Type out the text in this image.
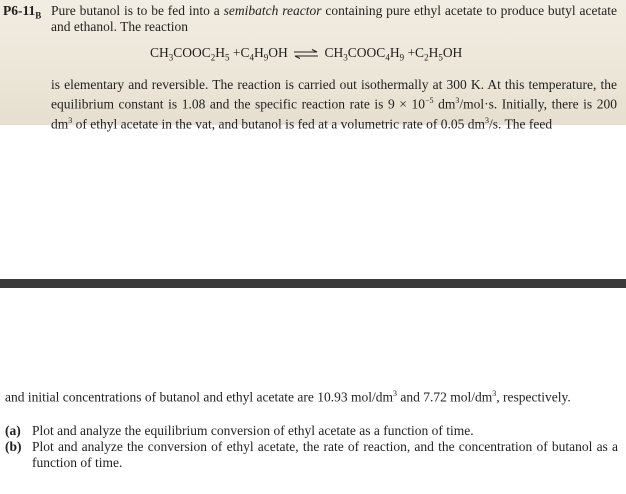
$P6-11_B$ Pure butanol is to be fed into a semibatch reactor containing pure ethyl acetate to produce butyl acetate and ethanol. The reaction
$CH_3COOC_2H_5 +C_4H_9OH$ ⇌ $CH_3COOC_4H_9 +C_2H_5OH$
is elementary and reversible. The reaction is carried out isothermally at 300 K. At this temperature, the equilibrium constant is 1.08 and the specific reaction rate is $9 \times 10^{-5}$ $dm^3/mol\cdot s$. Initially, there is 200 $dm^3$ of ethyl acetate in the vat, and butanol is fed at a volumetric rate of 0.05 $dm^3/s$. The feed
and initial concentrations of butanol and ethyl acetate are 10.93 mol/$dm^3$ and 7.72 mol/$dm^3$, respectively.
(a) Plot and analyze the equilibrium conversion of ethyl acetate as a function of time.
(b) Plot and analyze the conversion of ethyl acetate, the rate of reaction, and the concentration of butanol as a function of time.
